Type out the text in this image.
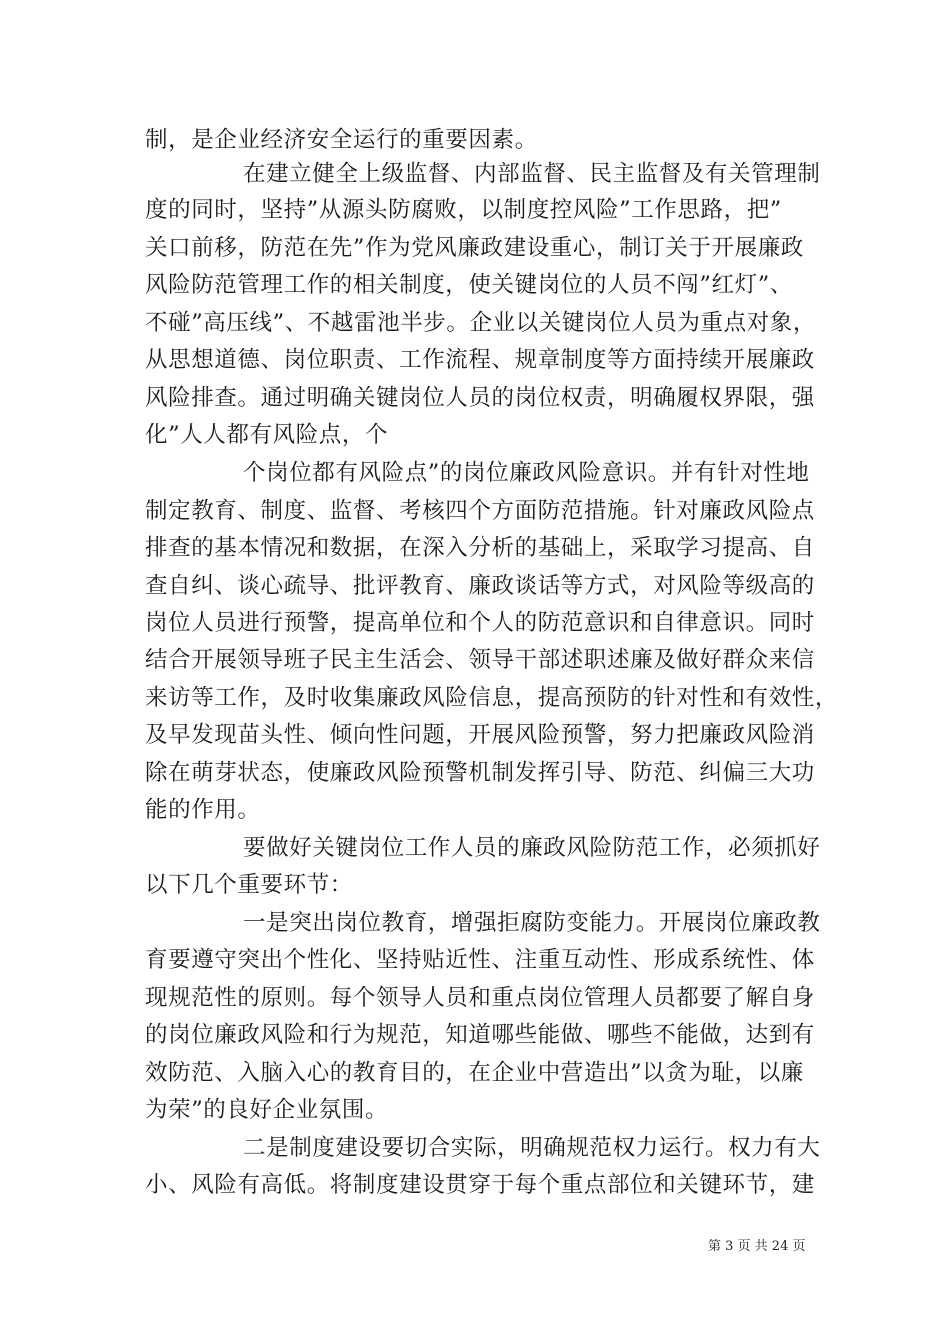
制，是企业经济安全运行的重要因素。
在建立健全上级监督、内部监督、民主监督及有关管理制
度的同时，坚持”从源头防腐败，以制度控风险”工作思路，把”
关口前移，防范在先”作为党风廉政建设重心，制订关于开展廉政
风险防范管理工作的相关制度，使关键岗位的人员不闯”红灯”、
不碰”高压线”、不越雷池半步。企业以关键岗位人员为重点对象，
从思想道德、岗位职责、工作流程、规章制度等方面持续开展廉政
风险排查。通过明确关键岗位人员的岗位权责，明确履权界限，强
化”人人都有风险点，个
个岗位都有风险点”的岗位廉政风险意识。并有针对性地
制定教育、制度、监督、考核四个方面防范措施。针对廉政风险点
排查的基本情况和数据，在深入分析的基础上，采取学习提高、自
查自纠、谈心疏导、批评教育、廉政谈话等方式，对风险等级高的
岗位人员进行预警，提高单位和个人的防范意识和自律意识。同时
结合开展领导班子民主生活会、领导干部述职述廉及做好群众来信
来访等工作，及时收集廉政风险信息，提高预防的针对性和有效性，
及早发现苗头性、倾向性问题，开展风险预警，努力把廉政风险消
除在萌芽状态，使廉政风险预警机制发挥引导、防范、纠偏三大功
能的作用。
要做好关键岗位工作人员的廉政风险防范工作，必须抓好
以下几个重要环节：
一是突出岗位教育，增强拒腐防变能力。开展岗位廉政教
育要遵守突出个性化、坚持贴近性、注重互动性、形成系统性、体
现规范性的原则。每个领导人员和重点岗位管理人员都要了解自身
的岗位廉政风险和行为规范，知道哪些能做、哪些不能做，达到有
效防范、入脑入心的教育目的，在企业中营造出”以贪为耻，以廉
为荣”的良好企业氛围。
二是制度建设要切合实际，明确规范权力运行。权力有大
小、风险有高低。将制度建设贯穿于每个重点部位和关键环节，建
第 3 页 共 24 页
